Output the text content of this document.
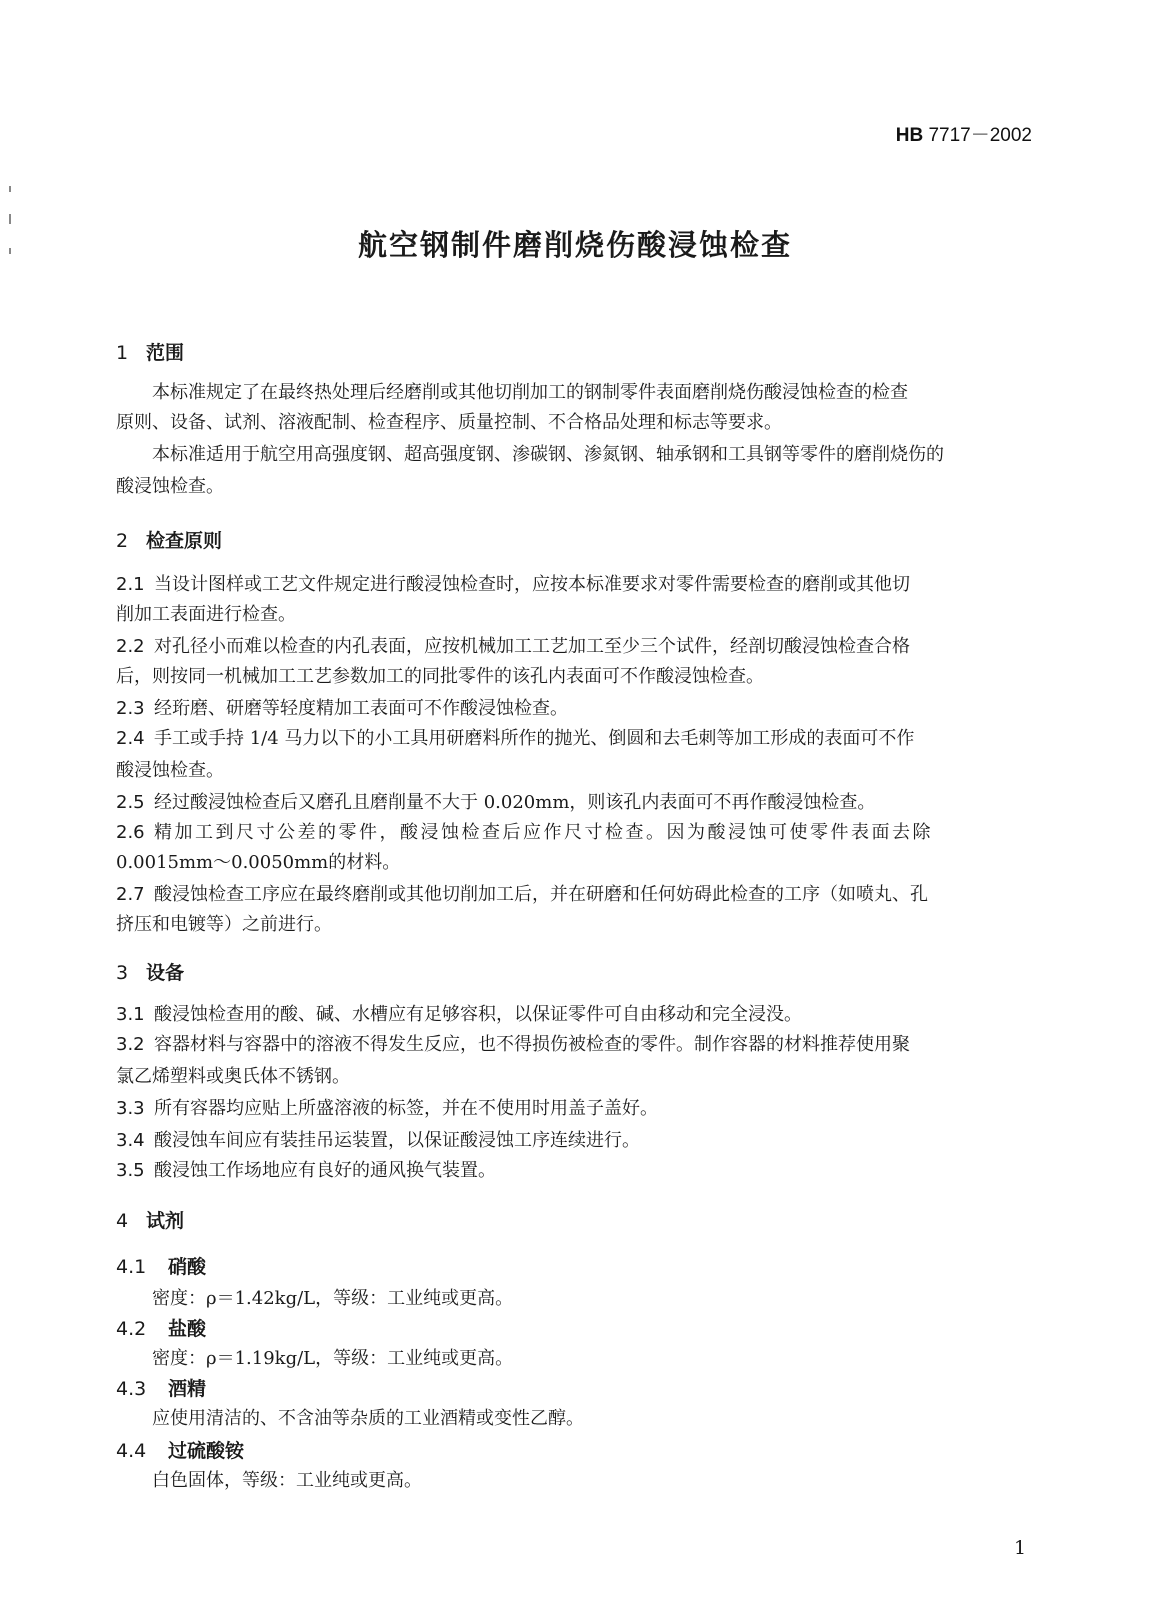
HB 7717－2002
航空钢制件磨削烧伤酸浸蚀检查
1 范围
本标准规定了在最终热处理后经磨削或其他切削加工的钢制零件表面磨削烧伤酸浸蚀检查的检查
原则、设备、试剂、溶液配制、检查程序、质量控制、不合格品处理和标志等要求。
本标准适用于航空用高强度钢、超高强度钢、渗碳钢、渗氮钢、轴承钢和工具钢等零件的磨削烧伤的
酸浸蚀检查。
2 检查原则
2.1 当设计图样或工艺文件规定进行酸浸蚀检查时，应按本标准要求对零件需要检查的磨削或其他切
削加工表面进行检查。
2.2 对孔径小而难以检查的内孔表面，应按机械加工工艺加工至少三个试件，经剖切酸浸蚀检查合格
后，则按同一机械加工工艺参数加工的同批零件的该孔内表面可不作酸浸蚀检查。
2.3 经珩磨、研磨等轻度精加工表面可不作酸浸蚀检查。
2.4 手工或手持 1/4 马力以下的小工具用研磨料所作的抛光、倒圆和去毛刺等加工形成的表面可不作
酸浸蚀检查。
2.5 经过酸浸蚀检查后又磨孔且磨削量不大于 0.020mm，则该孔内表面可不再作酸浸蚀检查。
2.6 精加工到尺寸公差的零件，酸浸蚀检查后应作尺寸检查。因为酸浸蚀可使零件表面去除
0.0015mm～0.0050mm的材料。
2.7 酸浸蚀检查工序应在最终磨削或其他切削加工后，并在研磨和任何妨碍此检查的工序（如喷丸、孔
挤压和电镀等）之前进行。
3 设备
3.1 酸浸蚀检查用的酸、碱、水槽应有足够容积，以保证零件可自由移动和完全浸没。
3.2 容器材料与容器中的溶液不得发生反应，也不得损伤被检查的零件。制作容器的材料推荐使用聚
氯乙烯塑料或奥氏体不锈钢。
3.3 所有容器均应贴上所盛溶液的标签，并在不使用时用盖子盖好。
3.4 酸浸蚀车间应有装挂吊运装置，以保证酸浸蚀工序连续进行。
3.5 酸浸蚀工作场地应有良好的通风换气装置。
4 试剂
4.1 硝酸
密度：ρ＝1.42kg/L，等级：工业纯或更高。
4.2 盐酸
密度：ρ＝1.19kg/L，等级：工业纯或更高。
4.3 酒精
应使用清洁的、不含油等杂质的工业酒精或变性乙醇。
4.4 过硫酸铵
白色固体，等级：工业纯或更高。
1
